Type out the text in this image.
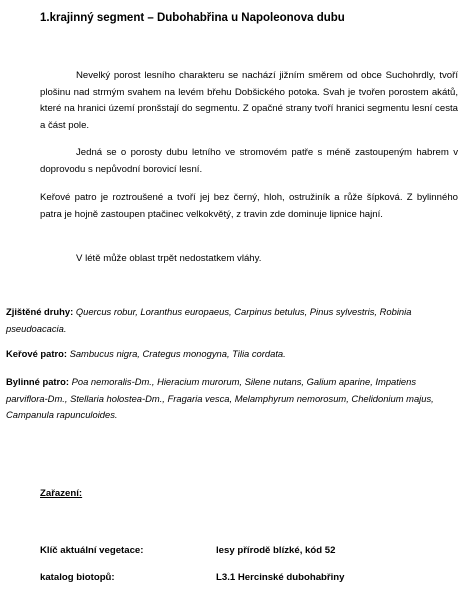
1.krajinný segment – Dubohabřina u Napoleonova dubu

Nevelký porost lesního charakteru se nachází jižním směrem od obce Suchohrdly, tvoří plošinu nad strmým svahem na levém břehu Dobšického potoka. Svah je tvořen porostem akátů, které na hranici území pronšstají do segmentu. Z opačné strany tvoří hranici segmentu lesní cesta a část pole.

Jedná se o porosty dubu letního ve stromovém patře s méně zastoupeným habrem v doprovodu s nepůvodní borovicí lesní.

Keřové patro je roztroušené a tvoří jej bez černý, hloh, ostružiník a růže šípková. Z bylinného patra je hojně zastoupen ptačinec velkokvětý, z travin zde dominuje lipnice hajní.

V létě může oblast trpět nedostatkem vláhy.

Zjištěné druhy: Quercus robur, Loranthus europaeus, Carpinus betulus, Pinus sylvestris, Robinia pseudoacacia.
Keřové patro: Sambucus nigra, Crategus monogyna, Tilia cordata.
Bylinné patro: Poa nemoralis-Dm., Hieracium murorum, Silene nutans, Galium aparine, Impatiens parviflora-Dm., Stellaria holostea-Dm., Fragaria vesca, Melamphyrum nemorosum, Chelidonium majus, Campanula rapunculoides.
Zařazení:
Klíč aktuální vegetace:	lesy přírodě blízké, kód 52
katalog biotopů:	L3.1 Hercinské dubohabřiny
